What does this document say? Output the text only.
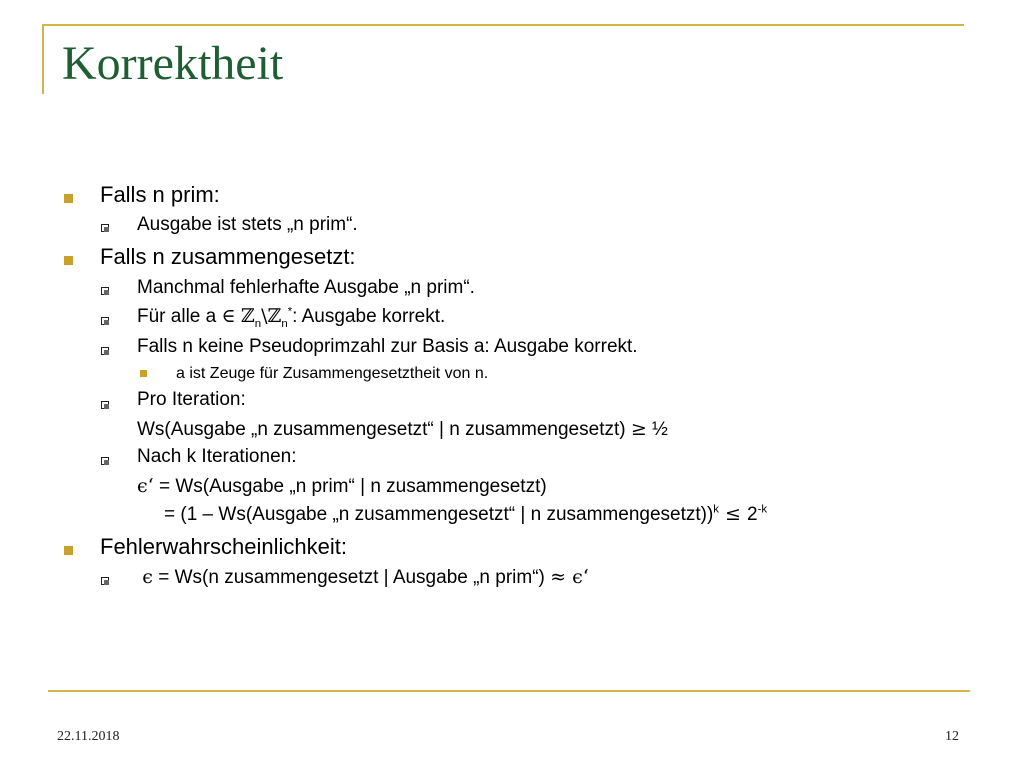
Korrektheit
Falls n prim:
Ausgabe ist stets „n prim“.
Falls n zusammengesetzt:
Manchmal fehlerhafte Ausgabe „n prim“.
Für alle a ∈ ℤ$_n$\ℤ$_n$*: Ausgabe korrekt.
Falls n keine Pseudoprimzahl zur Basis a: Ausgabe korrekt.
a ist Zeuge für Zusammengesetztheit von n.
Pro Iteration:
Ws(Ausgabe „n zusammengesetzt“ | n zusammengesetzt) ≥ ½
Nach k Iterationen:
ϵ‘ = Ws(Ausgabe „n prim“ | n zusammengesetzt)
= (1 – Ws(Ausgabe „n zusammengesetzt“ | n zusammengesetzt))$^k$ ≤ $2^{-k}$
Fehlerwahrscheinlichkeit:
ϵ = Ws(n zusammengesetzt | Ausgabe „n prim“) ≈ ϵ‘
22.11.2018	12
